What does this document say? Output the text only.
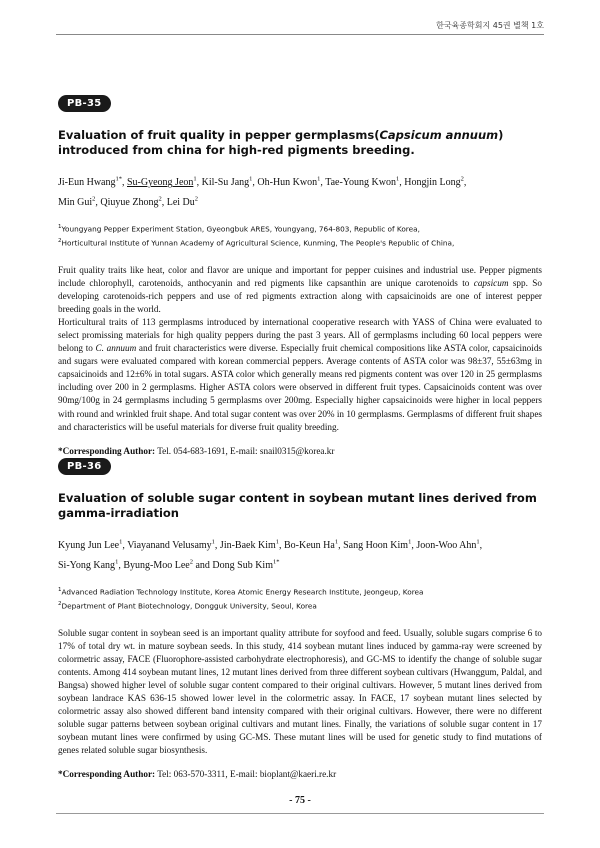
한국육종학회지 45권 별책 1호
PB-35
Evaluation of fruit quality in pepper germplasms(Capsicum annuum) introduced from china for high-red pigments breeding.
Ji-Eun Hwang$^{1*}$, Su-Gyeong Jeon$^1$, Kil-Su Jang$^1$, Oh-Hun Kwon$^1$, Tae-Young Kwon$^1$, Hongjin Long$^2$,
Min Gui$^2$, Qiuyue Zhong$^2$, Lei Du$^2$

$^1$Youngyang Pepper Experiment Station, Gyeongbuk ARES, Youngyang, 764-803, Republic of Korea,

$^2$Horticultural Institute of Yunnan Academy of Agricultural Science, Kunming, The People's Republic of China,

Fruit quality traits like heat, color and flavor are unique and important for pepper cuisines and industrial use. Pepper pigments include chlorophyll, carotenoids, anthocyanin and red pigments like capsanthin are unique carotenoids to capsicum spp. So developing carotenoids-rich peppers and use of red pigments extraction along with capsaicinoids are one of interest pepper breeding goals in the world.

Horticultural traits of 113 germplasms introduced by international cooperative research with YASS of China were evaluated to select promissing materials for high quality peppers during the past 3 years. All of germplasms including 60 local peppers were belong to C. annuum and fruit characteristics were diverse. Especially fruit chemical compositions like ASTA color, capsaicinoids and sugars were evaluated compared with korean commercial peppers. Average contents of ASTA color was 98±37, 55±63mg in capsaicinoids and 12±6% in total sugars. ASTA color which generally means red pigments content was over 120 in 25 germplasms including over 200 in 2 germplasms. Higher ASTA colors were observed in different fruit types. Capsaicinoids content was over 90mg/100g in 24 germplasms including 5 germplasms over 200mg. Especially higher capsaicinoids were higher in local peppers with round and wrinkled fruit shape. And total sugar content was over 20% in 10 germplasms. Germplasms of different fruit shapes and characteristics will be useful materials for diverse fruit quality breeding.

*Corresponding Author: Tel. 054-683-1691, E-mail: snail0315@korea.kr
PB-36
Evaluation of soluble sugar content in soybean mutant lines derived from gamma-irradiation
Kyung Jun Lee$^1$, Viayanand Velusamy$^1$, Jin-Baek Kim$^1$, Bo-Keun Ha$^1$, Sang Hoon Kim$^1$, Joon-Woo Ahn$^1$,
Si-Yong Kang$^1$, Byung-Moo Lee$^2$ and Dong Sub Kim$^{1*}$

$^1$Advanced Radiation Technology Institute, Korea Atomic Energy Research Institute, Jeongeup, Korea

$^2$Department of Plant Biotechnology, Dongguk University, Seoul, Korea

Soluble sugar content in soybean seed is an important quality attribute for soyfood and feed. Usually, soluble sugars comprise 6 to 17% of total dry wt. in mature soybean seeds. In this study, 414 soybean mutant lines induced by gamma-ray were screened by colormetric assay, FACE (Fluorophore-assisted carbohydrate electrophoresis), and GC-MS to identify the change of soluble sugar contents. Among 414 soybean mutant lines, 12 mutant lines derived from three different soybean cultivars (Hwanggum, Paldal, and Bangsa) showed higher level of soluble sugar content compared to their original cultivars. However, 5 mutant lines derived from soybean landrace KAS 636-15 showed lower level in the colormetric assay. In FACE, 17 soybean mutant lines selected by colormetric assay also showed different band intensity compared with their original cultivars. However, there were no different soluble sugar patterns between soybean original cultivars and mutant lines. Finally, the variations of soluble sugar content in 17 soybean mutant lines were confirmed by using GC-MS. These mutant lines will be used for genetic study to find mutations of genes related soluble sugar biosynthesis.

*Corresponding Author: Tel: 063-570-3311, E-mail: bioplant@kaeri.re.kr
- 75 -
